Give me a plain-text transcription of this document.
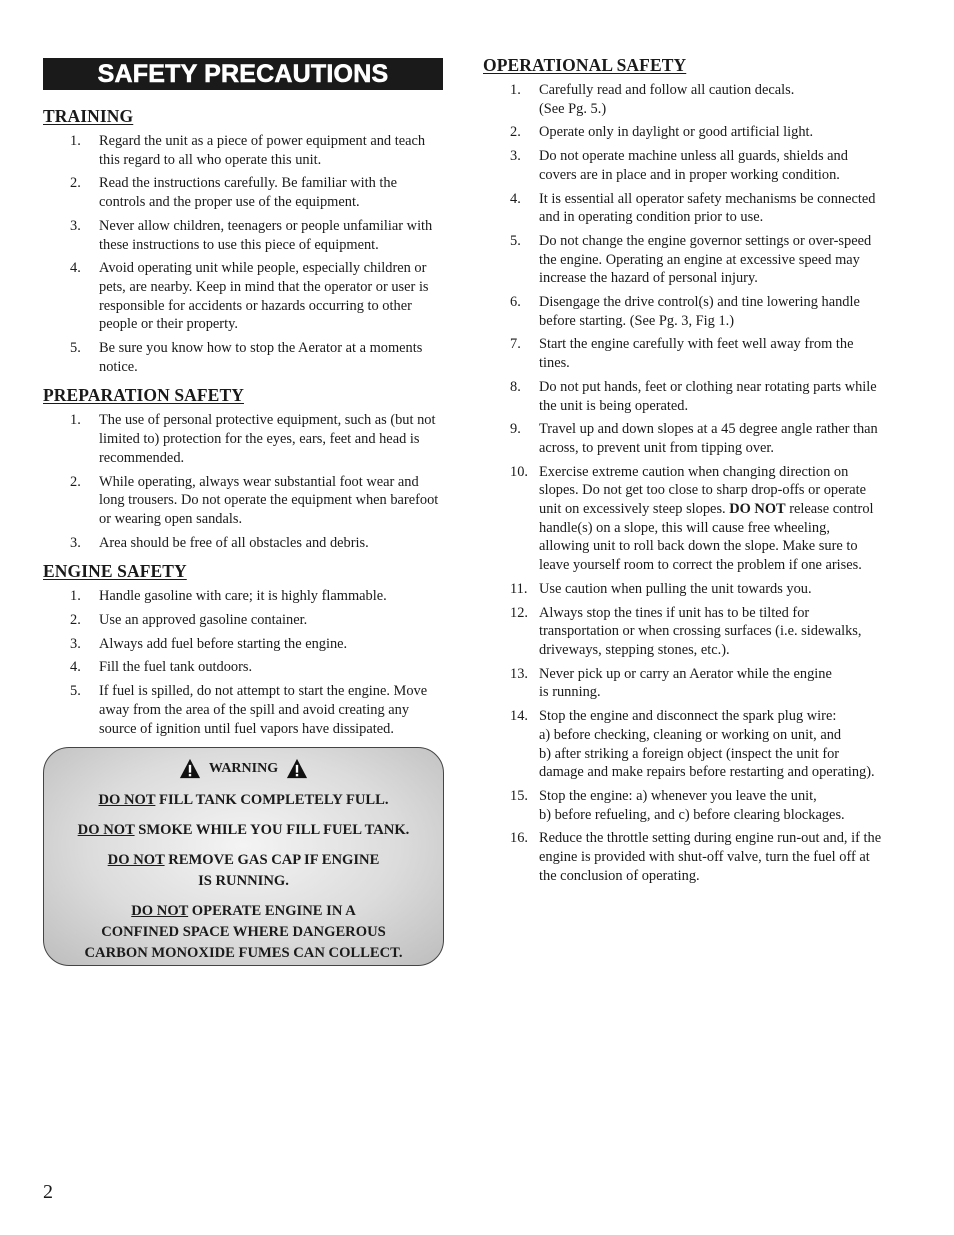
SAFETY PRECAUTIONS
TRAINING
1.	Regard the unit as a piece of power equipment and teach this regard to all who operate this unit.
2.	Read the instructions carefully. Be familiar with the controls and the proper use of the equipment.
3.	Never allow children, teenagers or people unfamiliar with these instructions to use this piece of equipment.
4.	Avoid operating unit while people, especially children or pets, are nearby. Keep in mind that the operator or user is responsible for accidents or hazards occurring to other people or their property.
5.	Be sure you know how to stop the Aerator at a moments notice.
PREPARATION SAFETY
1.	The use of personal protective equipment, such as (but not limited to) protection for the eyes, ears, feet and head is recommended.
2.	While operating, always wear substantial foot wear and long trousers. Do not operate the equipment when barefoot or wearing open sandals.
3.	Area should be free of all obstacles and debris.
ENGINE SAFETY
1.	Handle gasoline with care; it is highly flammable.
2.	Use an approved gasoline container.
3.	Always add fuel before starting the engine.
4.	Fill the fuel tank outdoors.
5.	If fuel is spilled, do not attempt to start the engine. Move away from the area of the spill and avoid creating any source of ignition until fuel vapors have dissipated.
WARNING
DO NOT FILL TANK COMPLETELY FULL.
DO NOT SMOKE WHILE YOU FILL FUEL TANK.
DO NOT REMOVE GAS CAP IF ENGINE
IS RUNNING.
DO NOT OPERATE ENGINE IN A
CONFINED SPACE WHERE DANGEROUS
CARBON MONOXIDE FUMES CAN COLLECT.
OPERATIONAL SAFETY
1.	Carefully read and follow all caution decals.
(See Pg. 5.)
2.	Operate only in daylight or good artificial light.
3.	Do not operate machine unless all guards, shields and covers are in place and in proper working condition.
4.	It is essential all operator safety mechanisms be connected and in operating condition prior to use.
5.	Do not change the engine governor settings or over-speed the engine. Operating an engine at excessive speed may increase the hazard of personal injury.
6.	Disengage the drive control(s) and tine lowering handle before starting. (See Pg. 3, Fig 1.)
7.	Start the engine carefully with feet well away from the tines.
8.	Do not put hands, feet or clothing near rotating parts while the unit is being operated.
9.	Travel up and down slopes at a 45 degree angle rather than across, to prevent unit from tipping over.
10. Exercise extreme caution when changing direction on slopes. Do not get too close to sharp drop-offs or operate unit on excessively steep slopes. DO NOT release control handle(s) on a slope, this will cause free wheeling, allowing unit to roll back down the slope. Make sure to leave yourself room to correct the problem if one arises.
11. Use caution when pulling the unit towards you.
12. Always stop the tines if unit has to be tilted for transportation or when crossing surfaces (i.e. sidewalks, driveways, stepping stones, etc.).
13. Never pick up or carry an Aerator while the engine
is running.
14. Stop the engine and disconnect the spark plug wire:
a) before checking, cleaning or working on unit, and
b) after striking a foreign object (inspect the unit for damage and make repairs before restarting and operating).
15. Stop the engine: a) whenever you leave the unit,
b) before refueling, and c) before clearing blockages.
16. Reduce the throttle setting during engine run-out and, if the engine is provided with shut-off valve, turn the fuel off at the conclusion of operating.
2
